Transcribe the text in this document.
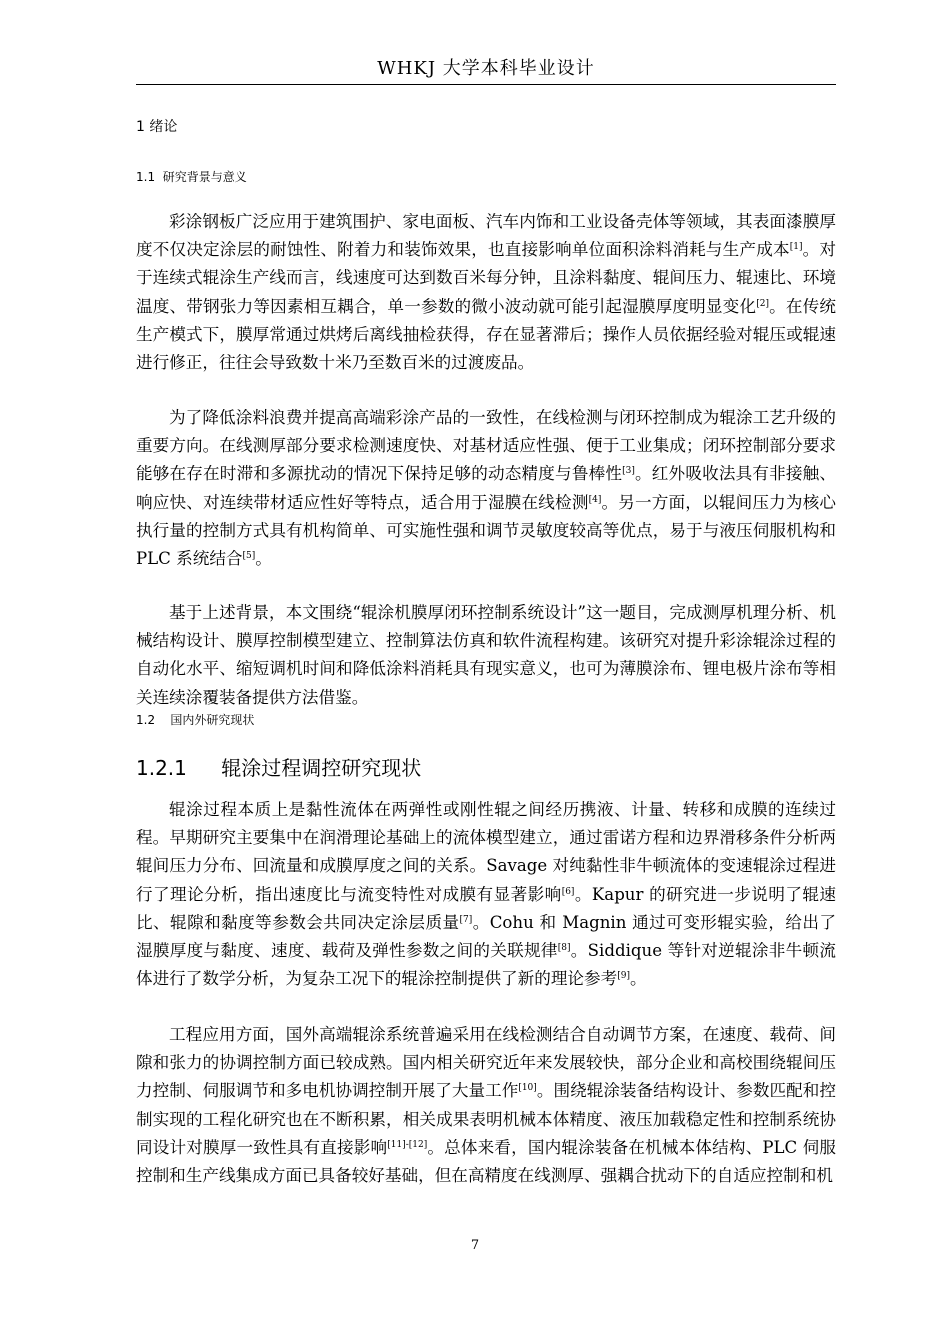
WHKJ 大学本科毕业设计
1 绪论
1.1 研究背景与意义

彩涂钢板广泛应用于建筑围护、家电面板、汽车内饰和工业设备壳体等领域，其表面漆膜厚度不仅决定涂层的耐蚀性、附着力和装饰效果，也直接影响单位面积涂料消耗与生产成本[1]。对于连续式辊涂生产线而言，线速度可达到数百米每分钟，且涂料黏度、辊间压力、辊速比、环境温度、带钢张力等因素相互耦合，单一参数的微小波动就可能引起湿膜厚度明显变化[2]。在传统生产模式下，膜厚常通过烘烤后离线抽检获得，存在显著滞后；操作人员依据经验对辊压或辊速进行修正，往往会导致数十米乃至数百米的过渡废品。

为了降低涂料浪费并提高高端彩涂产品的一致性，在线检测与闭环控制成为辊涂工艺升级的重要方向。在线测厚部分要求检测速度快、对基材适应性强、便于工业集成；闭环控制部分要求能够在存在时滞和多源扰动的情况下保持足够的动态精度与鲁棒性[3]。红外吸收法具有非接触、响应快、对连续带材适应性好等特点，适合用于湿膜在线检测[4]。另一方面，以辊间压力为核心执行量的控制方式具有机构简单、可实施性强和调节灵敏度较高等优点，易于与液压伺服机构和 PLC 系统结合[5]。

基于上述背景，本文围绕“辊涂机膜厚闭环控制系统设计”这一题目，完成测厚机理分析、机械结构设计、膜厚控制模型建立、控制算法仿真和软件流程构建。该研究对提升彩涂辊涂过程的自动化水平、缩短调机时间和降低涂料消耗具有现实意义，也可为薄膜涂布、锂电极片涂布等相关连续涂覆装备提供方法借鉴。

1.2 国内外研究现状
1.2.1 辊涂过程调控研究现状

辊涂过程本质上是黏性流体在两弹性或刚性辊之间经历携液、计量、转移和成膜的连续过程。早期研究主要集中在润滑理论基础上的流体模型建立，通过雷诺方程和边界滑移条件分析两辊间压力分布、回流量和成膜厚度之间的关系。Savage 对纯黏性非牛顿流体的变速辊涂过程进行了理论分析，指出速度比与流变特性对成膜有显著影响[6]。Kapur 的研究进一步说明了辊速比、辊隙和黏度等参数会共同决定涂层质量[7]。Cohu 和 Magnin 通过可变形辊实验，给出了湿膜厚度与黏度、速度、载荷及弹性参数之间的关联规律[8]。Siddique 等针对逆辊涂非牛顿流体进行了数学分析，为复杂工况下的辊涂控制提供了新的理论参考[9]。

工程应用方面，国外高端辊涂系统普遍采用在线检测结合自动调节方案，在速度、载荷、间隙和张力的协调控制方面已较成熟。国内相关研究近年来发展较快，部分企业和高校围绕辊间压力控制、伺服调节和多电机协调控制开展了大量工作[10]。围绕辊涂装备结构设计、参数匹配和控制实现的工程化研究也在不断积累，相关成果表明机械本体精度、液压加载稳定性和控制系统协同设计对膜厚一致性具有直接影响[11]-[12]。总体来看，国内辊涂装备在机械本体结构、PLC 伺服控制和生产线集成方面已具备较好基础，但在高精度在线测厚、强耦合扰动下的自适应控制和机

7
